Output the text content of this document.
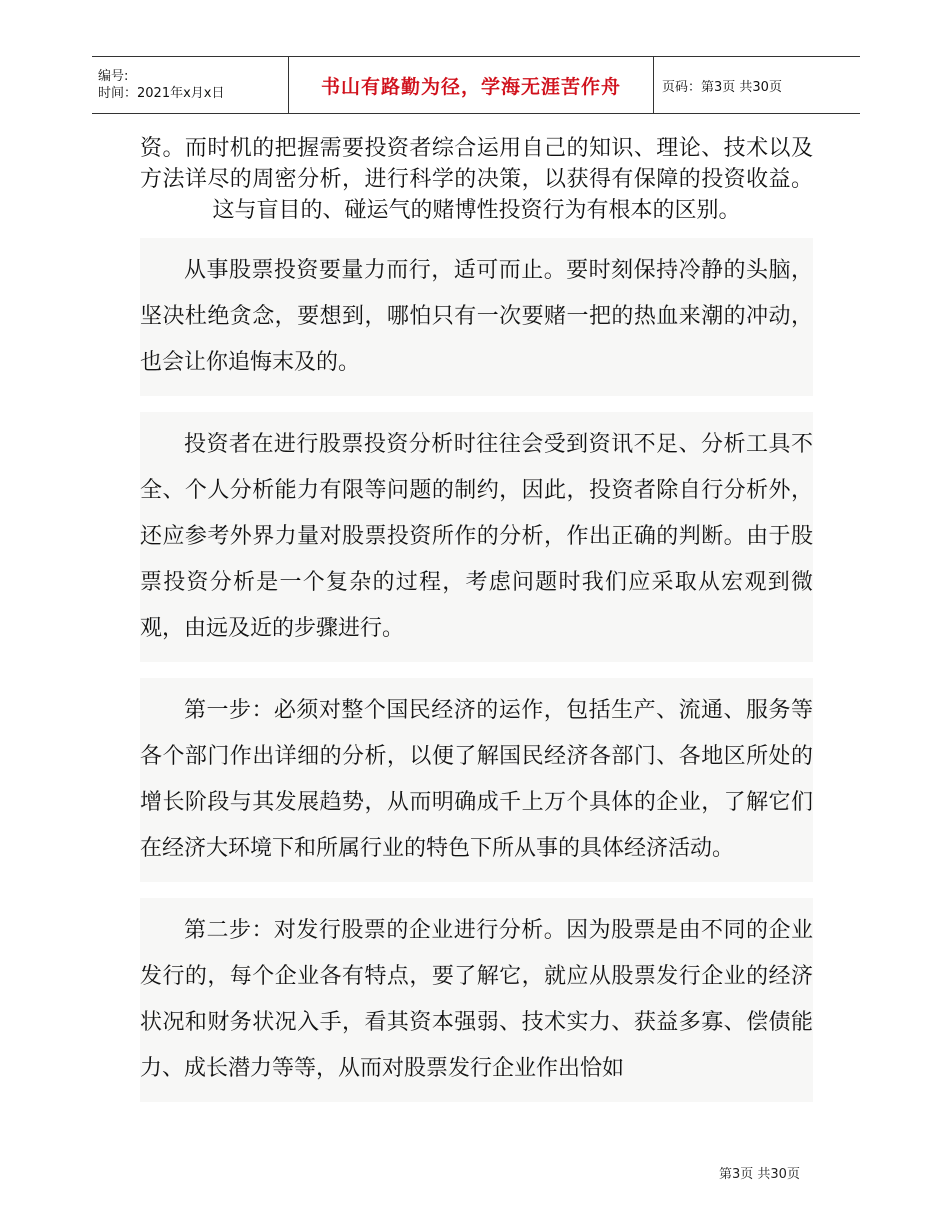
编号:
时间：2021年x月x日	书山有路勤为径，学海无涯苦作舟	页码：第3页 共30页

资。而时机的把握需要投资者综合运用自己的知识、理论、技术以及方法详尽的周密分析，进行科学的决策，以获得有保障的投资收益。这与盲目的、碰运气的赌博性投资行为有根本的区别。

从事股票投资要量力而行，适可而止。要时刻保持冷静的头脑，坚决杜绝贪念，要想到，哪怕只有一次要赌一把的热血来潮的冲动，也会让你追悔末及的。

投资者在进行股票投资分析时往往会受到资讯不足、分析工具不全、个人分析能力有限等问题的制约，因此，投资者除自行分析外，还应参考外界力量对股票投资所作的分析，作出正确的判断。由于股票投资分析是一个复杂的过程，考虑问题时我们应采取从宏观到微观，由远及近的步骤进行。

第一步：必须对整个国民经济的运作，包括生产、流通、服务等各个部门作出详细的分析，以便了解国民经济各部门、各地区所处的增长阶段与其发展趋势，从而明确成千上万个具体的企业，了解它们在经济大环境下和所属行业的特色下所从事的具体经济活动。

第二步：对发行股票的企业进行分析。因为股票是由不同的企业发行的，每个企业各有特点，要了解它，就应从股票发行企业的经济状况和财务状况入手，看其资本强弱、技术实力、获益多寡、偿债能力、成长潜力等等，从而对股票发行企业作出恰如

第3页 共30页
